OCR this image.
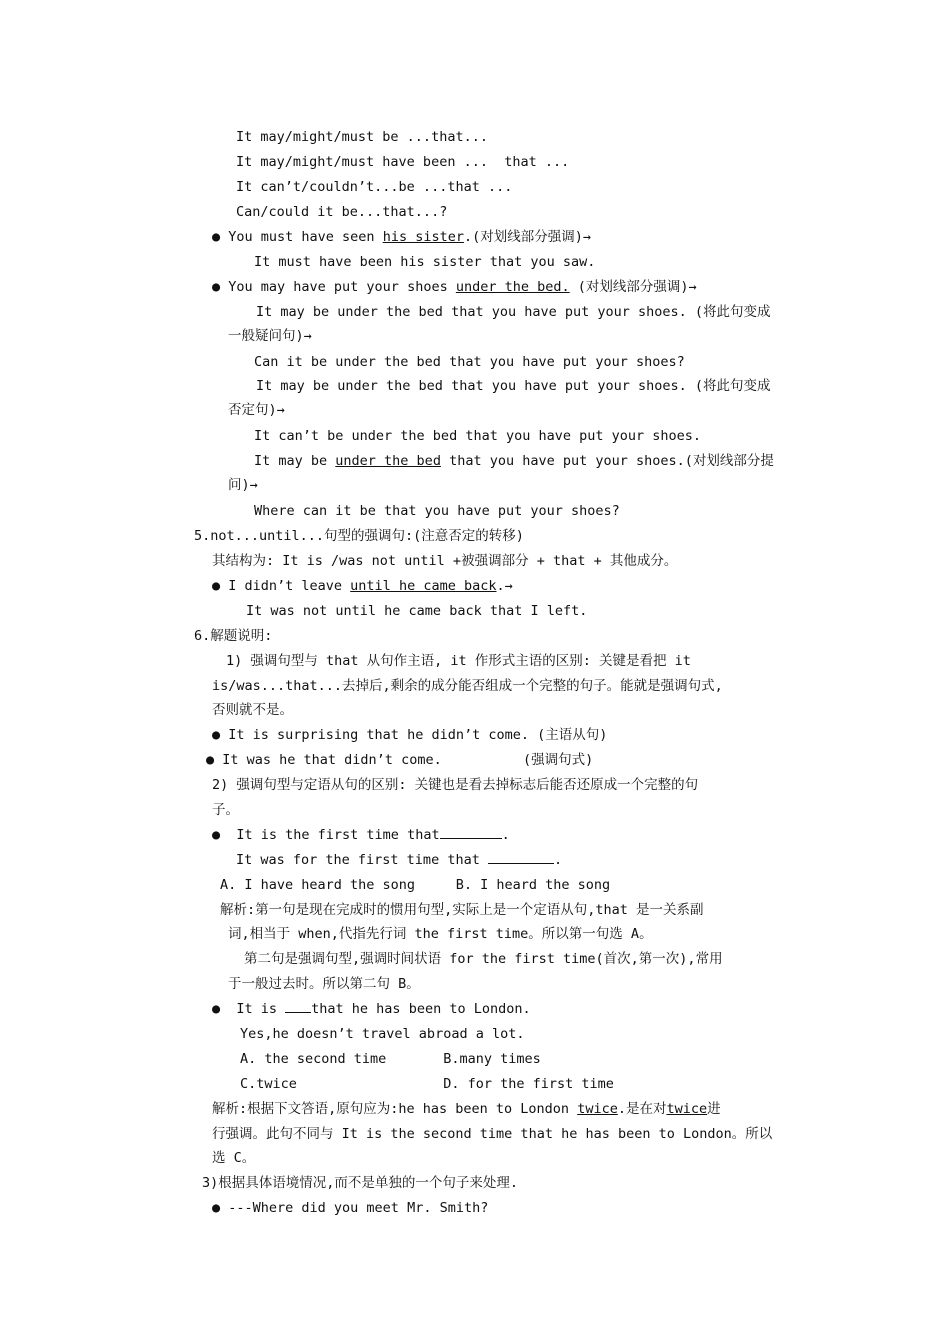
It may/might/must be ...that...
It may/might/must have been ...  that ...
It can’t/couldn’t...be ...that ...
Can/could it be...that...?
● You must have seen his sister.(对划线部分强调)→
It must have been his sister that you saw.
● You may have put your shoes under the bed. (对划线部分强调)→
It may be under the bed that you have put your shoes. (将此句变成
一般疑问句)→
Can it be under the bed that you have put your shoes?
It may be under the bed that you have put your shoes. (将此句变成
否定句)→
It can’t be under the bed that you have put your shoes.
It may be under the bed that you have put your shoes.(对划线部分提
问)→
Where can it be that you have put your shoes?
5.not...until...句型的强调句:(注意否定的转移)
其结构为: It is /was not until +被强调部分 + that + 其他成分。
● I didn’t leave until he came back.→
It was not until he came back that I left.
6.解题说明:
1) 强调句型与 that 从句作主语, it 作形式主语的区别: 关键是看把 it
is/was...that...去掉后,剩余的成分能否组成一个完整的句子。能就是强调句式,
否则就不是。
● It is surprising that he didn’t come. (主语从句)
● It was he that didn’t come.          (强调句式)
2) 强调句型与定语从句的区别: 关键也是看去掉标志后能否还原成一个完整的句
子。
●  It is the first time that	.
It was for the first time that	.
A. I have heard the song     B. I heard the song
解析:第一句是现在完成时的惯用句型,实际上是一个定语从句,that 是一关系副
词,相当于 when,代指先行词 the first time。所以第一句选 A。
第二句是强调句型,强调时间状语 for the first time(首次,第一次),常用
于一般过去时。所以第二句 B。
●  It is that he has been to London.
Yes,he doesn’t travel abroad a lot.
A. the second time       B.many times
C.twice                  D. for the first time
解析:根据下文答语,原句应为:he has been to London twice.是在对twice进
行强调。此句不同与 It is the second time that he has been to London。所以
选 C。
3)根据具体语境情况,而不是单独的一个句子来处理.
● ---Where did you meet Mr. Smith?
